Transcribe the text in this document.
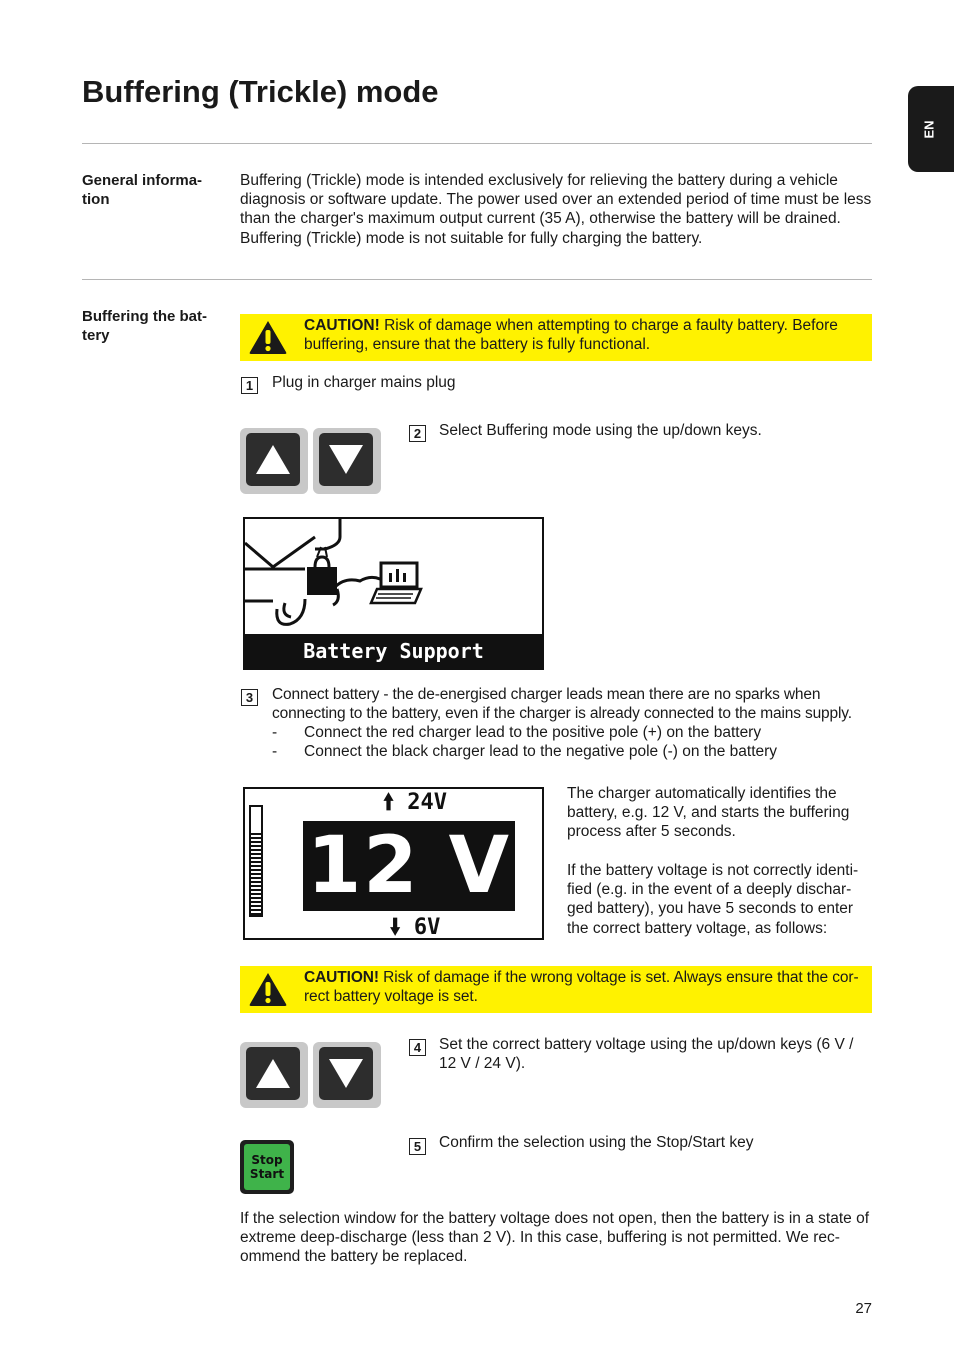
Buffering (Trickle) mode
EN
General informa-tion
Buffering (Trickle) mode is intended exclusively for relieving the battery during a vehicle diagnosis or software update. The power used over an extended period of time must be less than the charger's maximum output current (35 A), otherwise the battery will be drained. Buffering (Trickle) mode is not suitable for fully charging the battery.
Buffering the bat-tery
CAUTION! Risk of damage when attempting to charge a faulty battery. Before buffering, ensure that the battery is fully functional.
1	Plug in charger mains plug
2	Select Buffering mode using the up/down keys.
Battery Support
3	Connect battery - the de-energised charger leads mean there are no sparks when connecting to the battery, even if the charger is already connected to the mains supply.
- Connect the red charger lead to the positive pole (+) on the battery
- Connect the black charger lead to the negative pole (-) on the battery
🠙 24V
12 V
🠛 6V
The charger automatically identifies the battery, e.g. 12 V, and starts the buffering process after 5 seconds.
If the battery voltage is not correctly identi-fied (e.g. in the event of a deeply dischar-ged battery), you have 5 seconds to enter the correct battery voltage, as follows:
CAUTION! Risk of damage if the wrong voltage is set. Always ensure that the cor-rect battery voltage is set.
4	Set the correct battery voltage using the up/down keys (6 V / 12 V / 24 V).
Stop
Start
5	Confirm the selection using the Stop/Start key
If the selection window for the battery voltage does not open, then the battery is in a state of extreme deep-discharge (less than 2 V). In this case, buffering is not permitted. We rec-ommend the battery be replaced.
27
